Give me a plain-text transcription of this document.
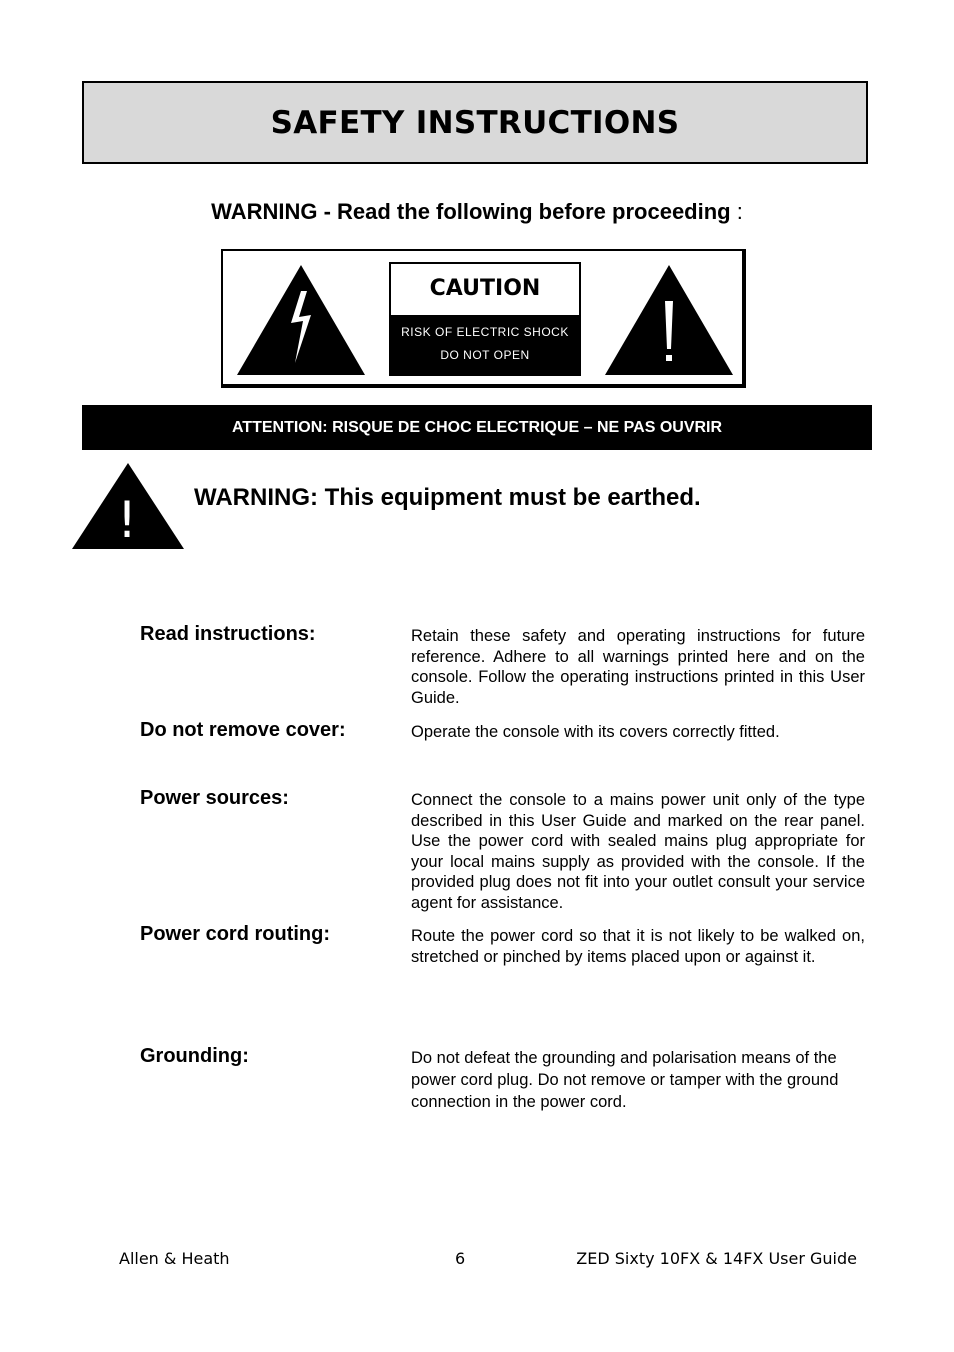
SAFETY INSTRUCTIONS
WARNING - Read the following before proceeding :
CAUTION
RISK OF ELECTRIC SHOCK
DO NOT OPEN
ATTENTION: RISQUE DE CHOC ELECTRIQUE – NE PAS OUVRIR
! WARNING: This equipment must be earthed.
Read instructions:	Retain these safety and operating instructions for future reference. Adhere to all warnings printed here and on the console. Follow the operating instructions printed in this User Guide.
Do not remove cover:	Operate the console with its covers correctly fitted.
Power sources:	Connect the console to a mains power unit only of the type described in this User Guide and marked on the rear panel. Use the power cord with sealed mains plug appropriate for your local mains supply as provided with the console. If the provided plug does not fit into your outlet consult your service agent for assistance.
Power cord routing:	Route the power cord so that it is not likely to be walked on, stretched or pinched by items placed upon or against it.
Grounding:	Do not defeat the grounding and polarisation means of the power cord plug. Do not remove or tamper with the ground connection in the power cord.
Allen & Heath	6	ZED Sixty 10FX & 14FX User Guide
